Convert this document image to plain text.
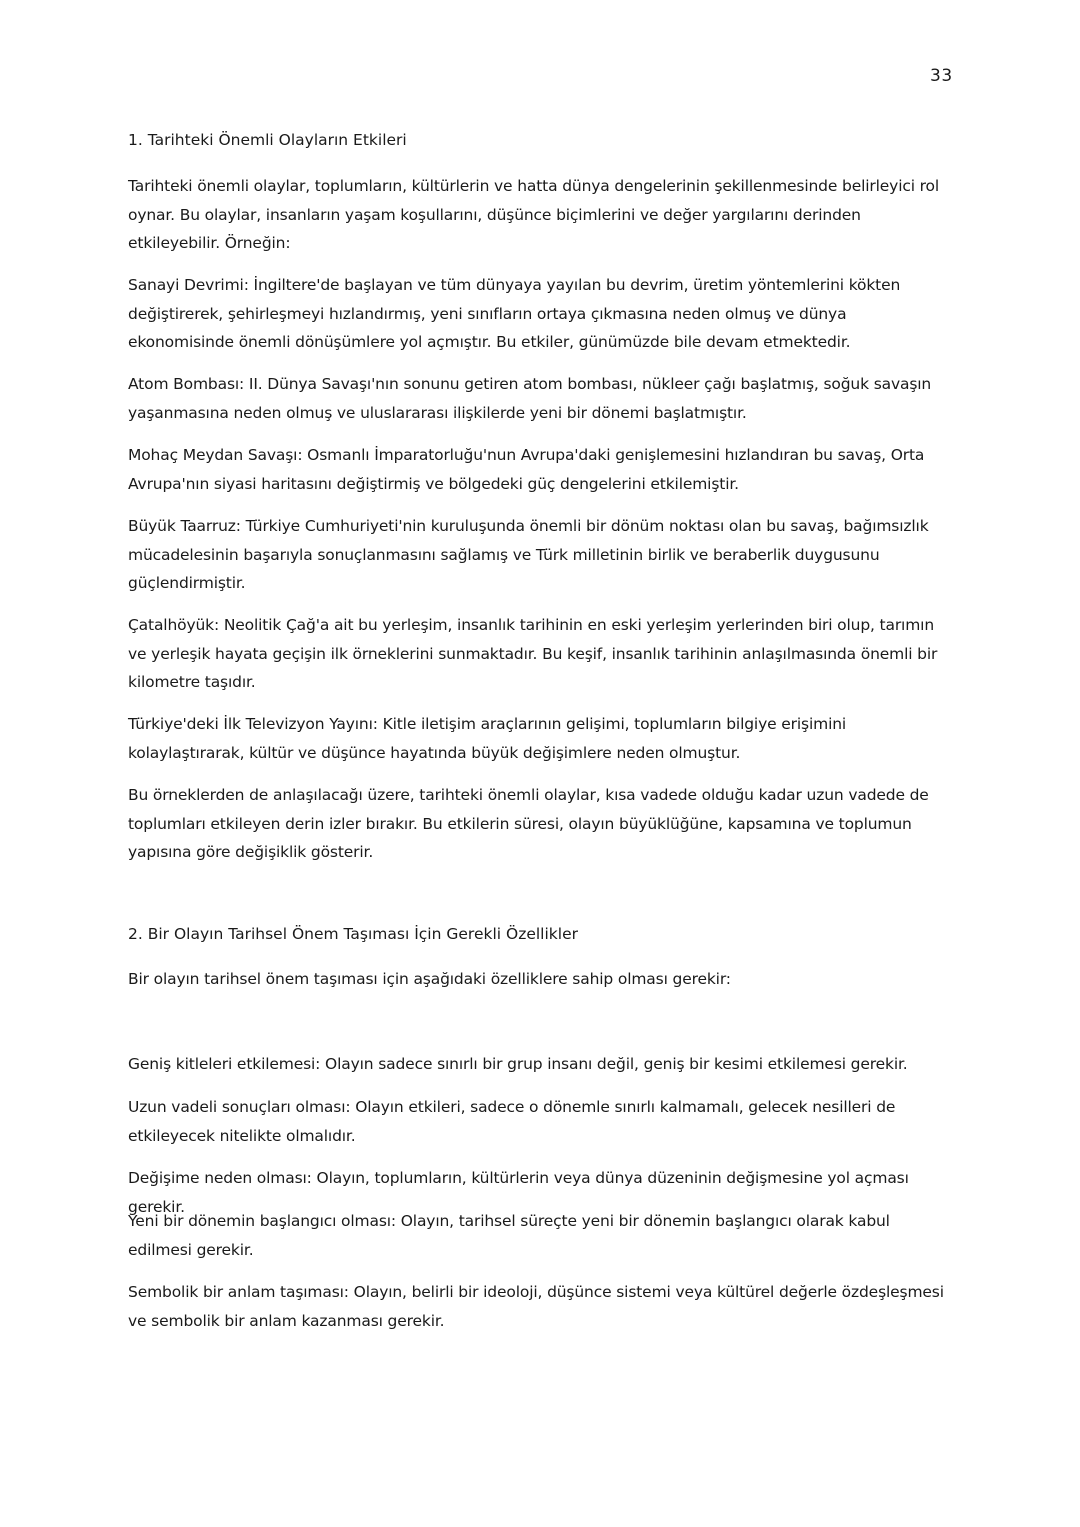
33
1. Tarihteki Önemli Olayların Etkileri
Tarihteki önemli olaylar, toplumların, kültürlerin ve hatta dünya dengelerinin şekillenmesinde belirleyici rol oynar. Bu olaylar, insanların yaşam koşullarını, düşünce biçimlerini ve değer yargılarını derinden etkileyebilir. Örneğin:
Sanayi Devrimi: İngiltere'de başlayan ve tüm dünyaya yayılan bu devrim, üretim yöntemlerini kökten değiştirerek, şehirleşmeyi hızlandırmış, yeni sınıfların ortaya çıkmasına neden olmuş ve dünya ekonomisinde önemli dönüşümlere yol açmıştır. Bu etkiler, günümüzde bile devam etmektedir.
Atom Bombası: II. Dünya Savaşı'nın sonunu getiren atom bombası, nükleer çağı başlatmış, soğuk savaşın yaşanmasına neden olmuş ve uluslararası ilişkilerde yeni bir dönemi başlatmıştır.
Mohaç Meydan Savaşı: Osmanlı İmparatorluğu'nun Avrupa'daki genişlemesini hızlandıran bu savaş, Orta Avrupa'nın siyasi haritasını değiştirmiş ve bölgedeki güç dengelerini etkilemiştir.
Büyük Taarruz: Türkiye Cumhuriyeti'nin kuruluşunda önemli bir dönüm noktası olan bu savaş, bağımsızlık mücadelesinin başarıyla sonuçlanmasını sağlamış ve Türk milletinin birlik ve beraberlik duygusunu güçlendirmiştir.
Çatalhöyük: Neolitik Çağ'a ait bu yerleşim, insanlık tarihinin en eski yerleşim yerlerinden biri olup, tarımın ve yerleşik hayata geçişin ilk örneklerini sunmaktadır. Bu keşif, insanlık tarihinin anlaşılmasında önemli bir kilometre taşıdır.
Türkiye'deki İlk Televizyon Yayını: Kitle iletişim araçlarının gelişimi, toplumların bilgiye erişimini kolaylaştırarak, kültür ve düşünce hayatında büyük değişimlere neden olmuştur.
Bu örneklerden de anlaşılacağı üzere, tarihteki önemli olaylar, kısa vadede olduğu kadar uzun vadede de toplumları etkileyen derin izler bırakır. Bu etkilerin süresi, olayın büyüklüğüne, kapsamına ve toplumun yapısına göre değişiklik gösterir.
2. Bir Olayın Tarihsel Önem Taşıması İçin Gerekli Özellikler
Bir olayın tarihsel önem taşıması için aşağıdaki özelliklere sahip olması gerekir:
Geniş kitleleri etkilemesi: Olayın sadece sınırlı bir grup insanı değil, geniş bir kesimi etkilemesi gerekir.
Uzun vadeli sonuçları olması: Olayın etkileri, sadece o dönemle sınırlı kalmamalı, gelecek nesilleri de etkileyecek nitelikte olmalıdır.
Değişime neden olması: Olayın, toplumların, kültürlerin veya dünya düzeninin değişmesine yol açması gerekir.
Yeni bir dönemin başlangıcı olması: Olayın, tarihsel süreçte yeni bir dönemin başlangıcı olarak kabul edilmesi gerekir.
Sembolik bir anlam taşıması: Olayın, belirli bir ideoloji, düşünce sistemi veya kültürel değerle özdeşleşmesi ve sembolik bir anlam kazanması gerekir.
